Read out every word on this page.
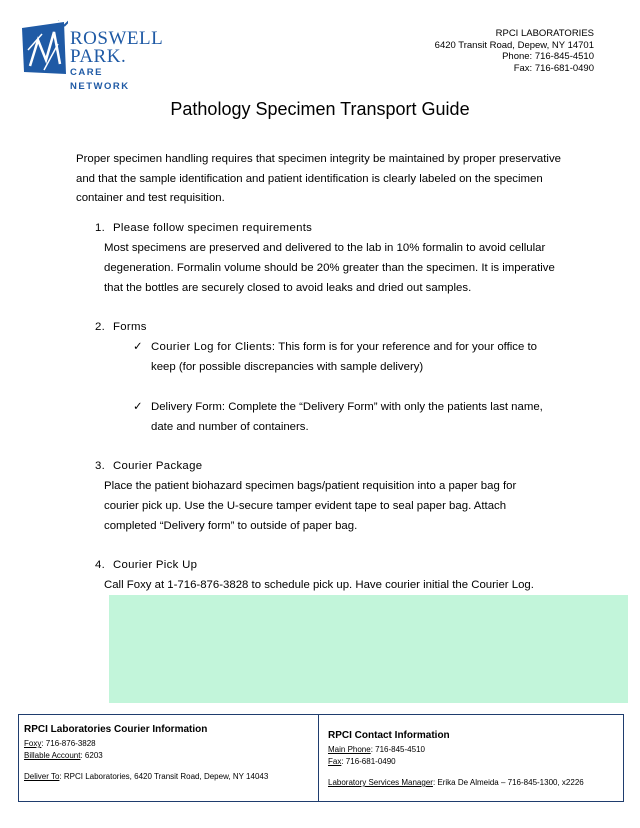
ROSWELL
PARK.
CARE NETWORK
RPCI LABORATORIES
6420 Transit Road, Depew, NY 14701
Phone: 716-845-4510
Fax: 716-681-0490
Pathology Specimen Transport Guide
Proper specimen handling requires that specimen integrity be maintained by proper preservative and that the sample identification and patient identification is clearly labeled on the specimen container and test requisition.
1. Please follow specimen requirements
Most specimens are preserved and delivered to the lab in 10% formalin to avoid cellular degeneration. Formalin volume should be 20% greater than the specimen. It is imperative that the bottles are securely closed to avoid leaks and dried out samples.
2. Forms
✓ Courier Log for Clients: This form is for your reference and for your office to keep (for possible discrepancies with sample delivery)
✓ Delivery Form: Complete the “Delivery Form” with only the patients last name, date and number of containers.
3. Courier Package
Place the patient biohazard specimen bags/patient requisition into a paper bag for courier pick up. Use the U-secure tamper evident tape to seal paper bag. Attach completed “Delivery form” to outside of paper bag.
4. Courier Pick Up
Call Foxy at 1-716-876-3828 to schedule pick up. Have courier initial the Courier Log.
RPCI Laboratories Courier Information
Foxy: 716-876-3828
Billable Account: 6203
Deliver To: RPCI Laboratories, 6420 Transit Road, Depew, NY 14043
RPCI Contact Information
Main Phone: 716-845-4510
Fax: 716-681-0490
Laboratory Services Manager: Erika De Almeida – 716-845-1300, x2226
